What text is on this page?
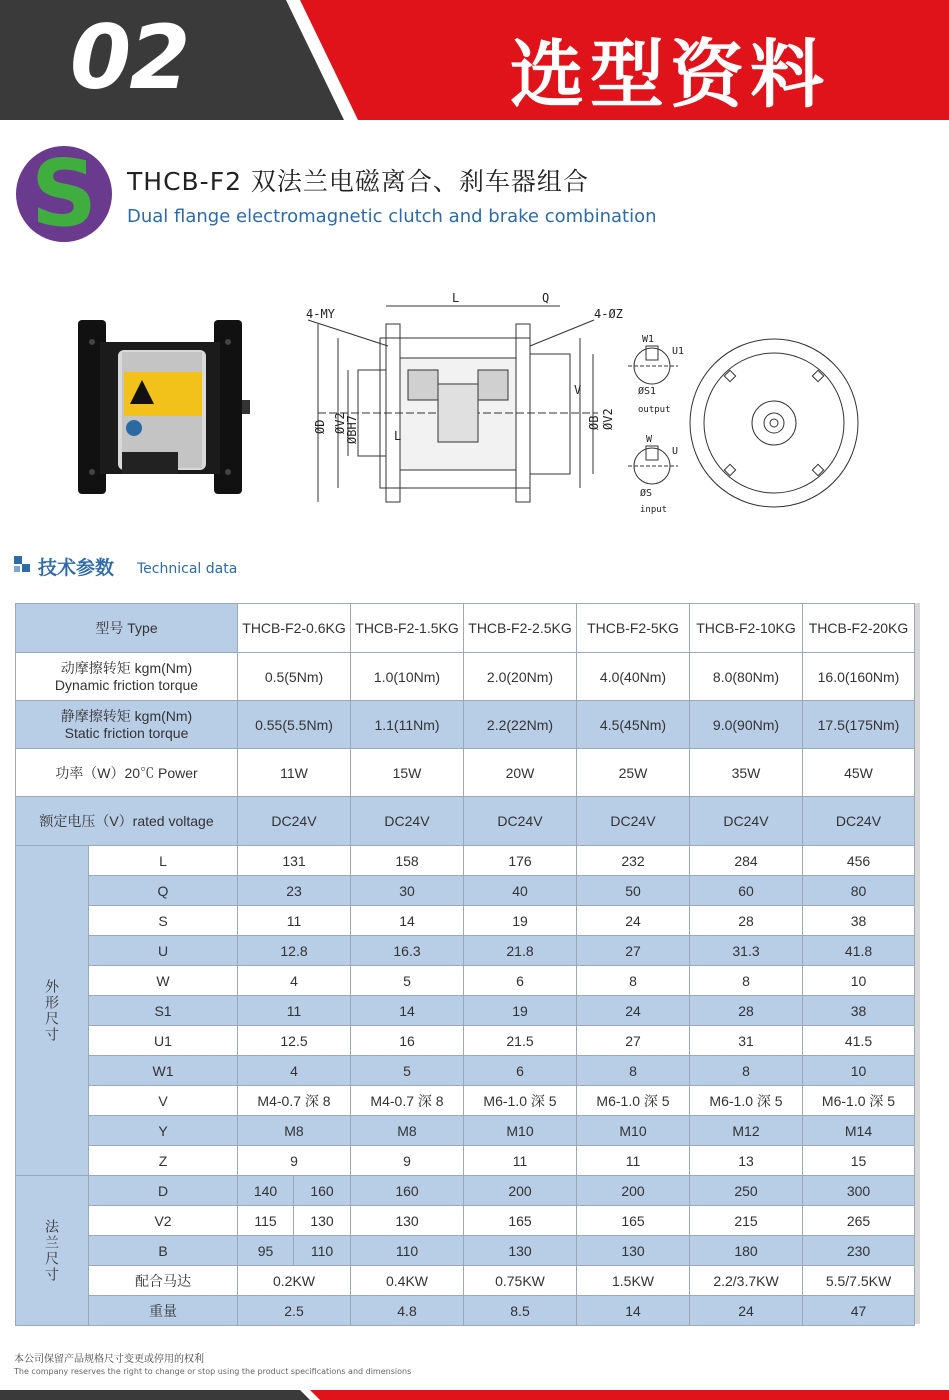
02	选型资料
S	THCB-F2 双法兰电磁离合、刹车器组合
Dual flange electromagnetic clutch and brake combination
4-MY
L	Q
4-ØZ
V
L
ØD ØV2
ØBH7	ØB ØV2
W1
U1
ØS1
output
W
U
ØS
input
技术参数 Technical data
型号 Type		THCB-F2-0.6KG		THCB-F2-1.5KG	THCB-F2-2.5KG	THCB-F2-5KG	THCB-F2-10KG	THCB-F2-20KG

动摩擦转矩 kgm(Nm)
Dynamic friction torque		0.5(5Nm)		1.0(10Nm)	2.0(20Nm)	4.0(40Nm)	8.0(80Nm)	16.0(160Nm)

静摩擦转矩 kgm(Nm)
Static friction torque		0.55(5.5Nm)		1.1(11Nm)	2.2(22Nm)	4.5(45Nm)	9.0(90Nm)	17.5(175Nm)
功率（W）20℃ Power		11W		15W	20W	25W	35W	45W
额定电压（V）rated voltage		DC24V		DC24V	DC24V	DC24V	DC24V	DC24V
外形尺寸	L	131		158	176	232	284	456
	Q	23		30	40	50	60	80
	S	11		14	19	24	28	38
	U	12.8		16.3	21.8	27	31.3	41.8
	W	4		5	6	8	8	10
	S1	11		14	19	24	28	38
	U1	12.5		16	21.5	27	31	41.5
	W1	4		5	6	8	8	10
	V	M4-0.7 深 8		M4-0.7 深 8	M6-1.0 深 5	M6-1.0 深 5	M6-1.0 深 5	M6-1.0 深 5
	Y	M8		M8	M10	M10	M12	M14
	Z	9		9	11	11	13	15
法兰尺寸	D	140	160	160	200	200	250	300
	V2	115	130	130	165	165	215	265
	B	95	110	110	130	130	180	230
	配合马达	0.2KW		0.4KW	0.75KW	1.5KW	2.2/3.7KW	5.5/7.5KW
	重量	2.5		4.8	8.5	14	24	47
本公司保留产品规格尺寸变更或停用的权利
The company reserves the right to change or stop using the product specifications and dimensions
